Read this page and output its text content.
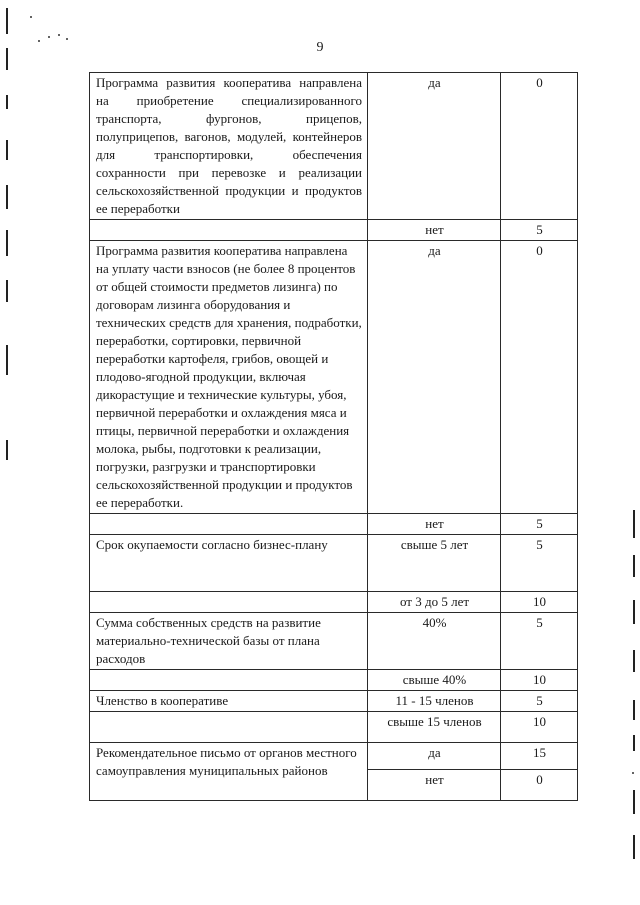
9
Программа развития кооператива направлена на приобретение специализированного транспорта, фургонов, прицепов, полуприцепов, вагонов, модулей, контейнеров для транспортировки, обеспечения сохранности при перевозке и реализации сельскохозяйственной продукции и продуктов ее переработки	да	0
	нет	5
Программа развития кооператива направлена на уплату части взносов (не более 8 процентов от общей стоимости предметов лизинга) по договорам лизинга оборудования и технических средств для хранения, подработки, переработки, сортировки, первичной переработки картофеля, грибов, овощей и плодово-ягодной продукции, включая дикорастущие и технические культуры, убоя, первичной переработки и охлаждения мяса и птицы, первичной переработки и охлаждения молока, рыбы, подготовки к реализации, погрузки, разгрузки и транспортировки сельскохозяйственной продукции и продуктов ее переработки.	да	0
	нет	5
Срок окупаемости согласно бизнес-плану	свыше 5 лет	5
	от 3 до 5 лет	10
Сумма собственных средств на развитие материально-технической базы от плана расходов	40%	5
	свыше 40%	10
Членство в кооперативе	11 - 15 членов	5
	свыше 15 членов	10
Рекомендательное письмо от органов местного самоуправления муниципальных районов	да	15
	нет	0
